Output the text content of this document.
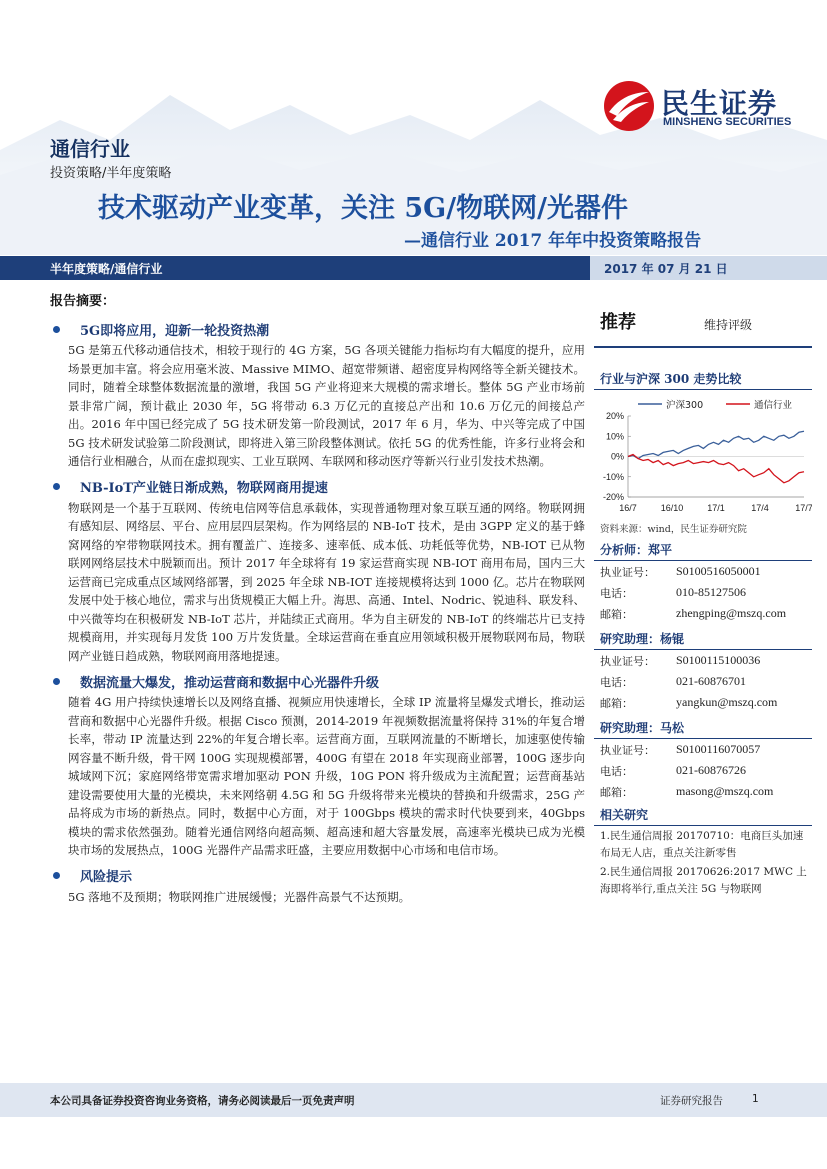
民生证券
MINSHENG SECURITIES
通信行业
投资策略/半年度策略
技术驱动产业变革，关注 5G/物联网/光器件
—通信行业 2017 年年中投资策略报告
半年度策略/通信行业	2017 年 07 月 21 日
报告摘要：
5G即将应用，迎新一轮投资热潮
5G 是第五代移动通信技术，相较于现行的 4G 方案，5G 各项关键能力指标均有大幅度的提升，应用场景更加丰富。将会应用毫米波、Massive MIMO、超宽带频谱、超密度异构网络等全新关键技术。同时，随着全球整体数据流量的激增，我国 5G 产业将迎来大规模的需求增长。整体 5G 产业市场前景非常广阔，预计截止 2030 年，5G 将带动 6.3 万亿元的直接总产出和 10.6 万亿元的间接总产出。2016 年中国已经完成了 5G 技术研发第一阶段测试，2017 年 6 月，华为、中兴等完成了中国 5G 技术研发试验第二阶段测试，即将进入第三阶段整体测试。依托 5G 的优秀性能，许多行业将会和通信行业相融合，从而在虚拟现实、工业互联网、车联网和移动医疗等新兴行业引发技术热潮。
NB-IoT产业链日渐成熟，物联网商用提速
物联网是一个基于互联网、传统电信网等信息承载体，实现普通物理对象互联互通的网络。物联网拥有感知层、网络层、平台、应用层四层架构。作为网络层的 NB-IoT 技术，是由 3GPP 定义的基于蜂窝网络的窄带物联网技术。拥有覆盖广、连接多、速率低、成本低、功耗低等优势，NB-IOT 已从物联网网络层技术中脱颖而出。预计 2017 年全球将有 19 家运营商实现 NB-IOT 商用布局，国内三大运营商已完成重点区域网络部署，到 2025 年全球 NB-IOT 连接规模将达到 1000 亿。芯片在物联网发展中处于核心地位，需求与出货规模正大幅上升。海思、高通、Intel、Nodric、锐迪科、联发科、中兴微等均在积极研发 NB-IoT 芯片，并陆续正式商用。华为自主研发的 NB-IoT 的终端芯片已支持规模商用，并实现每月发货 100 万片发货量。全球运营商在垂直应用领域积极开展物联网布局，物联网产业链日趋成熟，物联网商用落地提速。
数据流量大爆发，推动运营商和数据中心光器件升级
随着 4G 用户持续快速增长以及网络直播、视频应用快速增长，全球 IP 流量将呈爆发式增长，推动运营商和数据中心光器件升级。根据 Cisco 预测，2014-2019 年视频数据流量将保持 31%的年复合增长率，带动 IP 流量达到 22%的年复合增长率。运营商方面，互联网流量的不断增长，加速驱使传输网容量不断升级，骨干网 100G 实现规模部署，400G 有望在 2018 年实现商业部署，100G 逐步向城域网下沉；家庭网络带宽需求增加驱动 PON 升级，10G PON 将升级成为主流配置；运营商基站建设需要使用大量的光模块，未来网络朝 4.5G 和 5G 升级将带来光模块的替换和升级需求，25G 产品将成为市场的新热点。同时，数据中心方面，对于 100Gbps 模块的需求时代快要到来，40Gbps 模块的需求依然强劲。随着光通信网络向超高频、超高速和超大容量发展，高速率光模块已成为光模块市场的发展热点，100G 光器件产品需求旺盛，主要应用数据中心市场和电信市场。
风险提示
5G 落地不及预期；物联网推广进展缓慢；光器件高景气不达预期。
推荐	维持评级
行业与沪深 300 走势比较
沪深300	通信行业
20%
10%
0%
-10%
-20%
16/7	16/10	17/1	17/4	17/7
资料来源：wind，民生证券研究院
分析师：郑平
执业证号：	S0100516050001
电话：	010-85127506
邮箱：	zhengping@mszq.com
研究助理：杨锟
执业证号：	S0100115100036
电话：	021-60876701
邮箱：	yangkun@mszq.com
研究助理：马松
执业证号：	S0100116070057
电话：	021-60876726
邮箱：	masong@mszq.com
相关研究
1.民生通信周报 20170710：电商巨头加速布局无人店，重点关注新零售
2.民生通信周报 20170626:2017 MWC 上海即将举行,重点关注 5G 与物联网
本公司具备证券投资咨询业务资格，请务必阅读最后一页免责声明	证券研究报告	1
